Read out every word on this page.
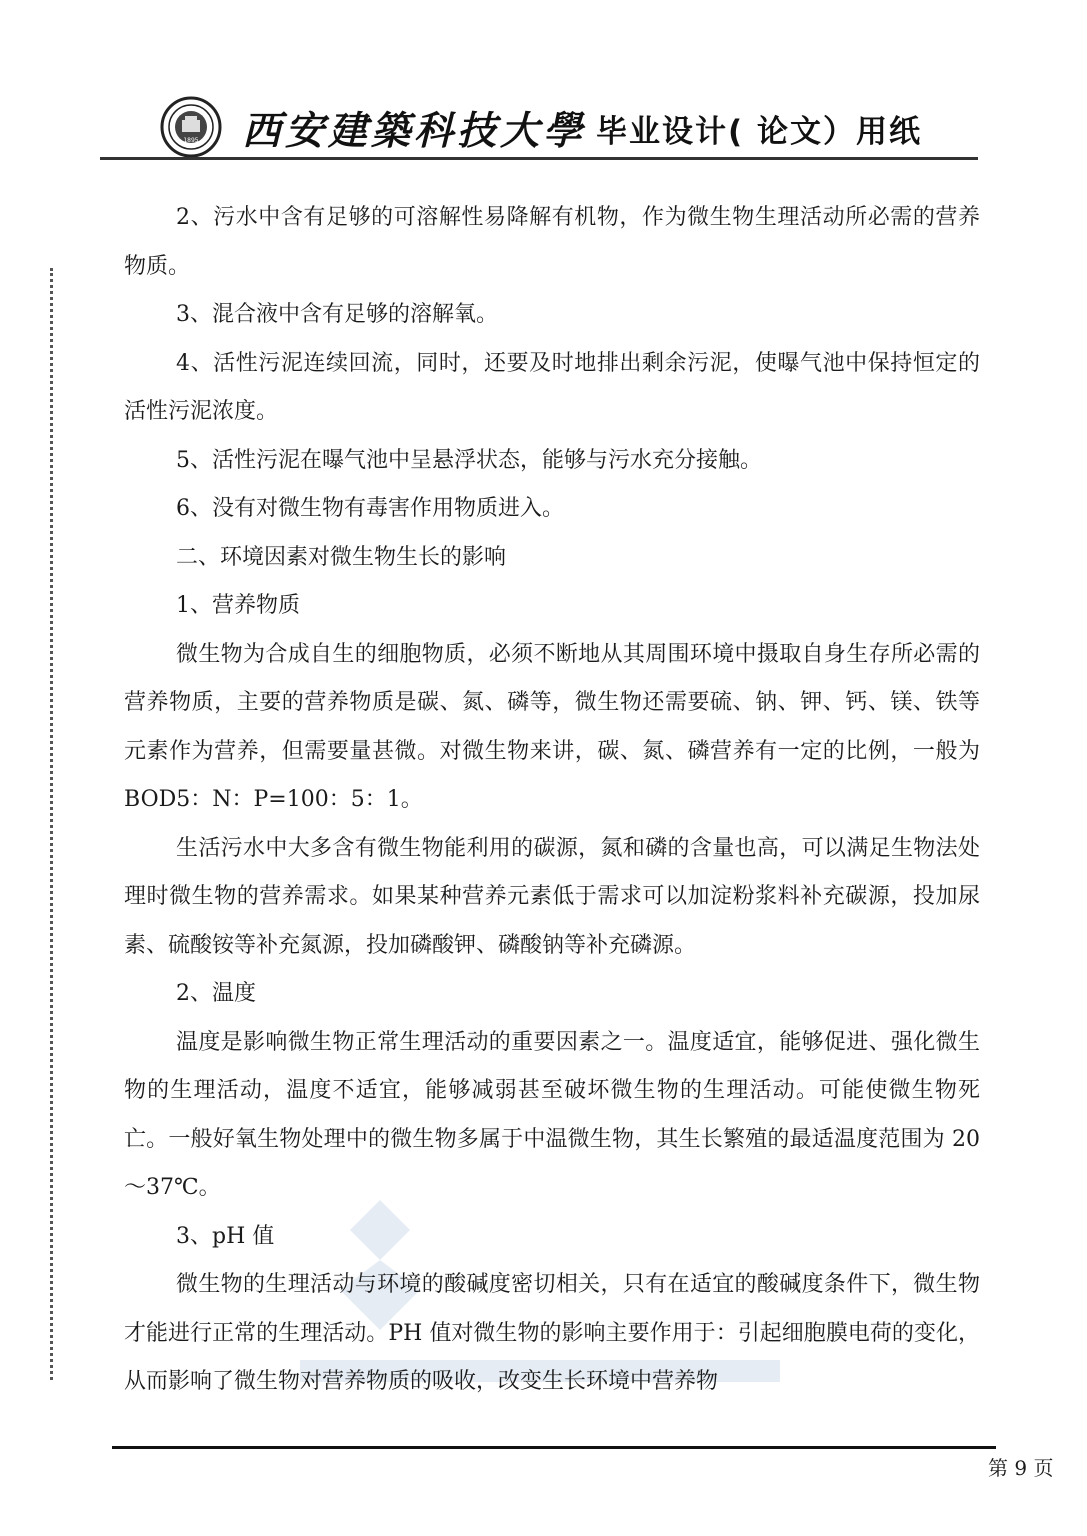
1895 西安建築科技大學 毕业设计( 论文）用纸

2、污水中含有足够的可溶解性易降解有机物，作为微生物生理活动所必需的营养物质。

3、混合液中含有足够的溶解氧。

4、活性污泥连续回流，同时，还要及时地排出剩余污泥，使曝气池中保持恒定的活性污泥浓度。

5、活性污泥在曝气池中呈悬浮状态，能够与污水充分接触。

6、没有对微生物有毒害作用物质进入。

二、环境因素对微生物生长的影响

1、营养物质

微生物为合成自生的细胞物质，必须不断地从其周围环境中摄取自身生存所必需的营养物质，主要的营养物质是碳、氮、磷等，微生物还需要硫、钠、钾、钙、镁、铁等元素作为营养，但需要量甚微。对微生物来讲，碳、氮、磷营养有一定的比例，一般为 BOD5：N：P=100：5：1。

生活污水中大多含有微生物能利用的碳源，氮和磷的含量也高，可以满足生物法处理时微生物的营养需求。如果某种营养元素低于需求可以加淀粉浆料补充碳源，投加尿素、硫酸铵等补充氮源，投加磷酸钾、磷酸钠等补充磷源。

2、温度

温度是影响微生物正常生理活动的重要因素之一。温度适宜，能够促进、强化微生物的生理活动，温度不适宜，能够减弱甚至破坏微生物的生理活动。可能使微生物死亡。一般好氧生物处理中的微生物多属于中温微生物，其生长繁殖的最适温度范围为 20～37℃。

3、pH 值

微生物的生理活动与环境的酸碱度密切相关，只有在适宜的酸碱度条件下，微生物才能进行正常的生理活动。PH 值对微生物的影响主要作用于：引起细胞膜电荷的变化，从而影响了微生物对营养物质的吸收，改变生长环境中营养物

第 9 页
